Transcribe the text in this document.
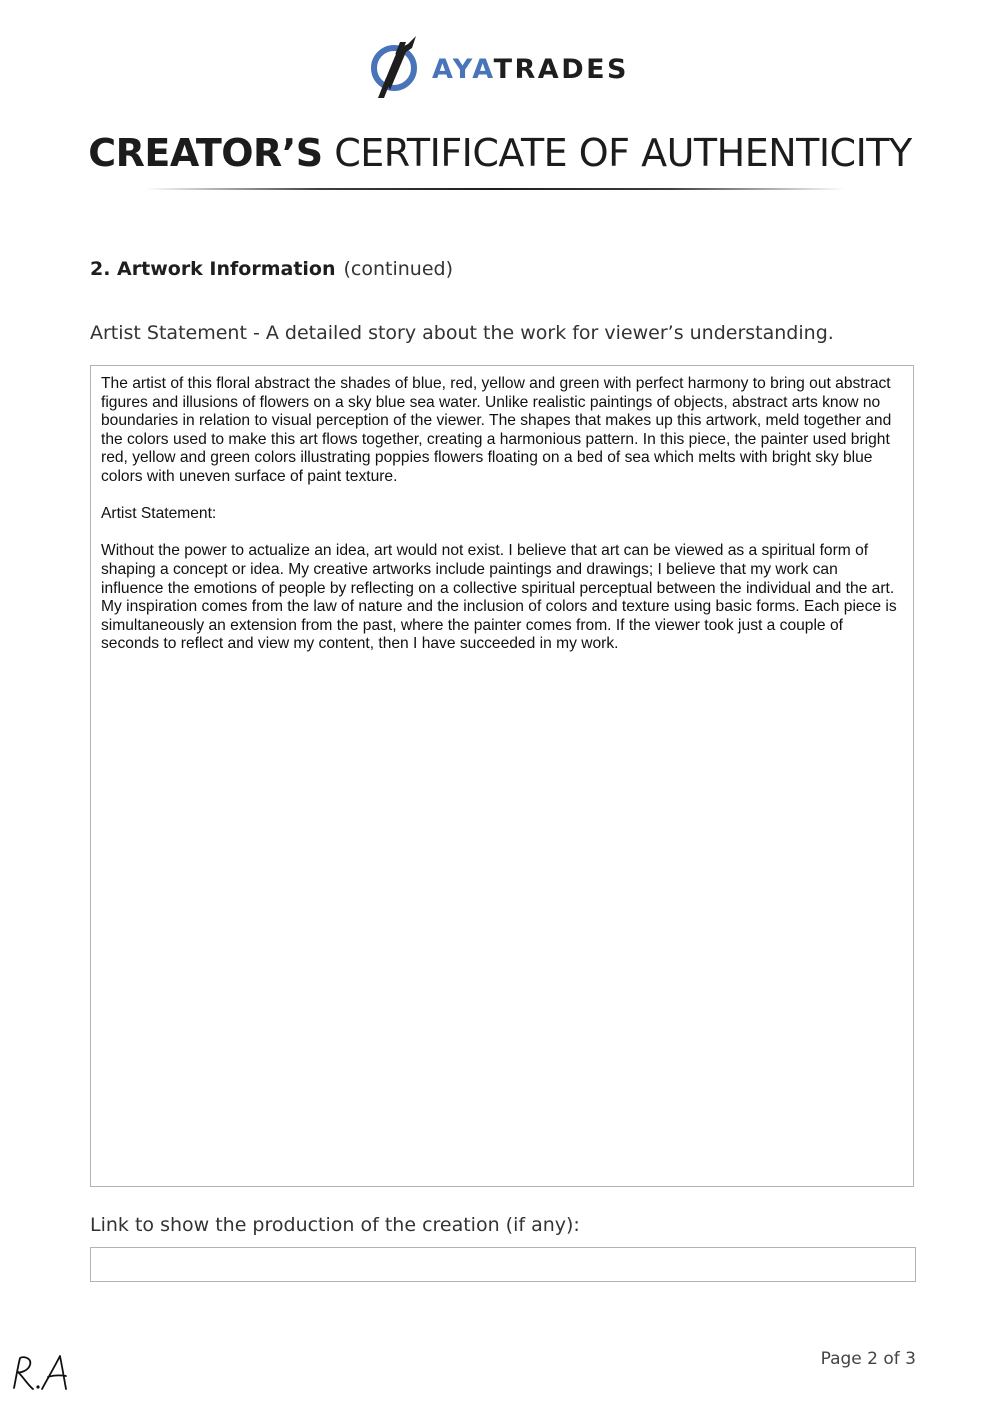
AYATRADES
CREATOR’S CERTIFICATE OF AUTHENTICITY
2. Artwork Information (continued)
Artist Statement - A detailed story about the work for viewer’s understanding.

The artist of this floral abstract the shades of blue, red, yellow and green with perfect harmony to bring out abstract figures and illusions of flowers on a sky blue sea water. Unlike realistic paintings of objects, abstract arts know no boundaries in relation to visual perception of the viewer. The shapes that makes up this artwork, meld together and the colors used to make this art flows together, creating a harmonious pattern. In this piece, the painter used bright red, yellow and green colors illustrating poppies flowers floating on a bed of sea which melts with bright sky blue colors with uneven surface of paint texture.

Artist Statement:

Without the power to actualize an idea, art would not exist. I believe that art can be viewed as a spiritual form of shaping a concept or idea. My creative artworks include paintings and drawings; I believe that my work can influence the emotions of people by reflecting on a collective spiritual perceptual between the individual and the art. My inspiration comes from the law of nature and the inclusion of colors and texture using basic forms. Each piece is simultaneously an extension from the past, where the painter comes from. If the viewer took just a couple of seconds to reflect and view my content, then I have succeeded in my work.

Link to show the production of the creation (if any):
Page 2 of 3
